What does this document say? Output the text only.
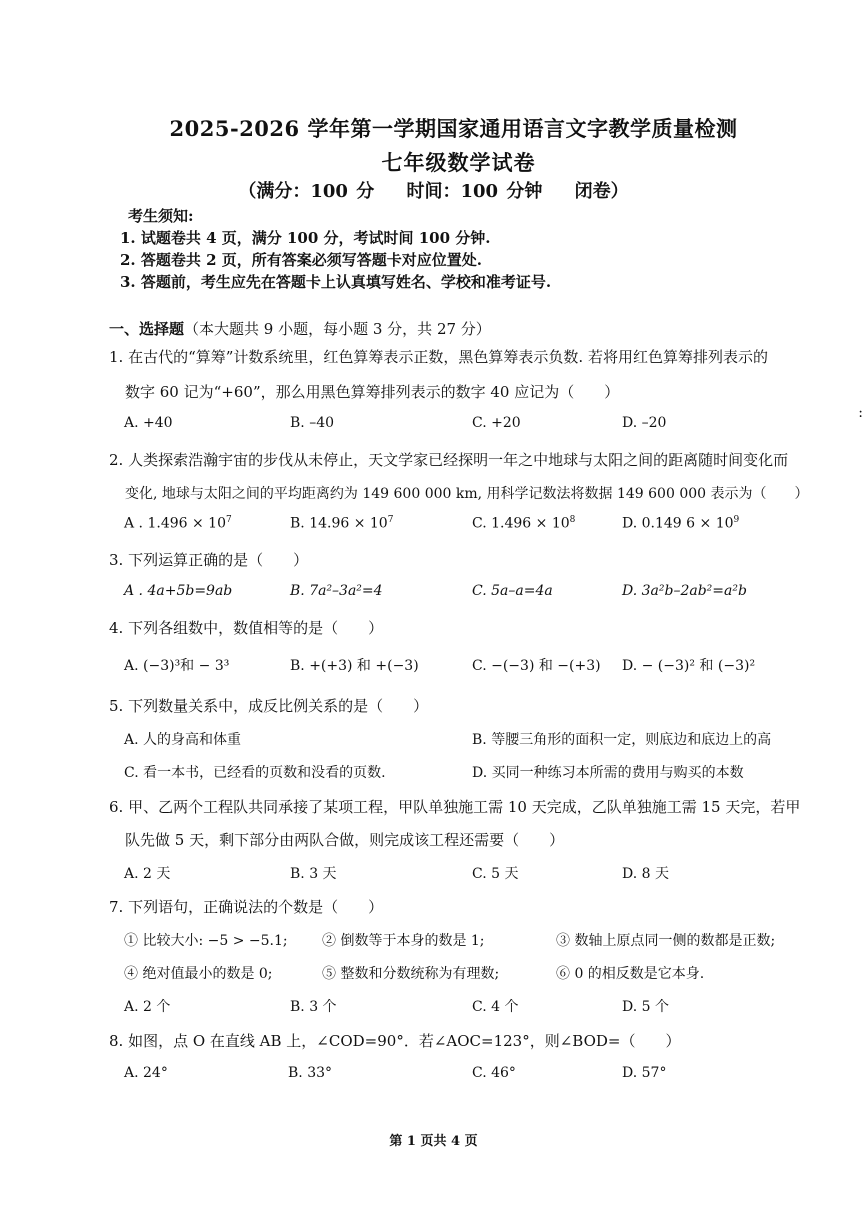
2025-2026 学年第一学期国家通用语言文字教学质量检测
七年级数学试卷
（满分：100 分 时间：100 分钟 闭卷）
考生须知:
1. 试题卷共 4 页，满分 100 分，考试时间 100 分钟.
2. 答题卷共 2 页，所有答案必须写答题卡对应位置处.
3. 答题前，考生应先在答题卡上认真填写姓名、学校和准考证号.
一、选择题（本大题共 9 小题，每小题 3 分，共 27 分）
1. 在古代的“算筹”计数系统里，红色算筹表示正数，黑色算筹表示负数. 若将用红色算筹排列表示的
数字 60 记为“+60”，那么用黑色算筹排列表示的数字 40 应记为（　　）
A. +40	B. –40	C. +20	D. –20
2. 人类探索浩瀚宇宙的步伐从未停止，天文学家已经探明一年之中地球与太阳之间的距离随时间变化而
变化, 地球与太阳之间的平均距离约为 149 600 000 km, 用科学记数法将数据 149 600 000 表示为（　　）
A . $1.496 \times 10^7$	B. $14.96 \times 10^7$	C. $1.496 \times 10^8$	D. 0.149 $6 \times 10^9$
3. 下列运算正确的是（　　）
A . 4a+5b=9ab	B. 7a²–3a²=4	C. 5a–a=4a	D. 3a²b–2ab²=a²b
4. 下列各组数中，数值相等的是（　　）
A. (−3)³和 − 3³	B. +(+3) 和 +(−3)	C. −(−3) 和 −(+3) D. − (−3)² 和 (−3)²
5. 下列数量关系中，成反比例关系的是（　　）
A. 人的身高和体重	B. 等腰三角形的面积一定，则底边和底边上的高
C. 看一本书，已经看的页数和没看的页数.	D. 买同一种练习本所需的费用与购买的本数
6. 甲、乙两个工程队共同承接了某项工程，甲队单独施工需 10 天完成，乙队单独施工需 15 天完，若甲
队先做 5 天，剩下部分由两队合做，则完成该工程还需要（　　）
A. 2 天	B. 3 天	C. 5 天	D. 8 天
7. 下列语句，正确说法的个数是（　　）
① 比较大小: −5 > −5.1; ② 倒数等于本身的数是 1;	③ 数轴上原点同一侧的数都是正数;
④ 绝对值最小的数是 0;	⑤ 整数和分数统称为有理数;	⑥ 0 的相反数是它本身.
A. 2 个	B. 3 个	C. 4 个	D. 5 个
8. 如图，点 O 在直线 AB 上，∠COD=90°．若∠AOC=123°，则∠BOD=（　　）
A. 24°	B. 33°	C. 46°	D. 57°
第 1 页共 4 页
:
